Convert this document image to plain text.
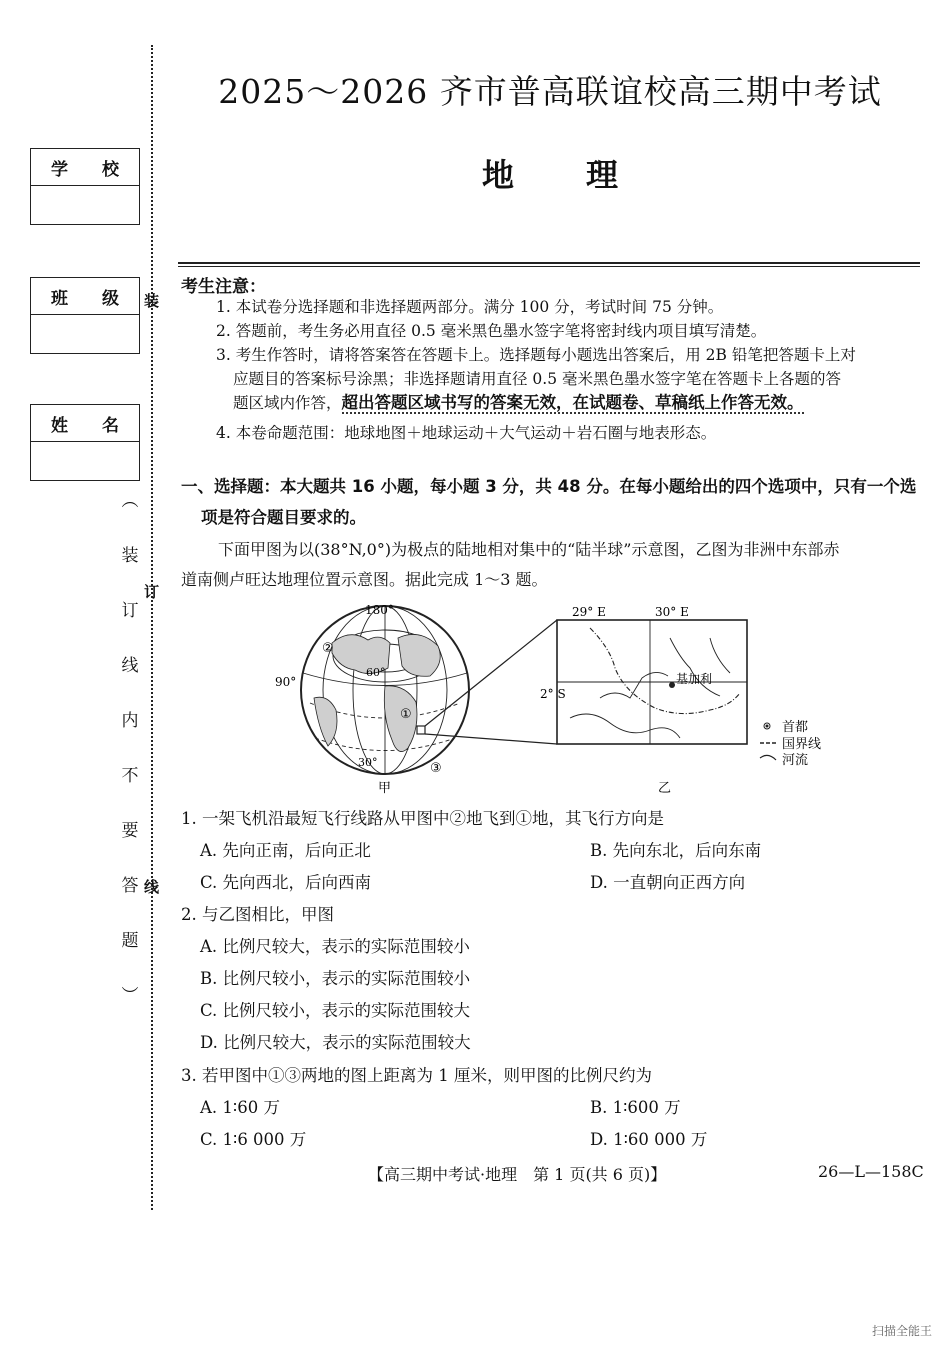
学 校
班 级
姓 名
︵
装
订
线
内
不
要
答
题
︶
装
订
线
2025～2026 齐市普高联谊校高三期中考试
地 理
考生注意：
1. 本试卷分选择题和非选择题两部分。满分 100 分，考试时间 75 分钟。
2. 答题前，考生务必用直径 0.5 毫米黑色墨水签字笔将密封线内项目填写清楚。
3. 考生作答时，请将答案答在答题卡上。选择题每小题选出答案后，用 2B 铅笔把答题卡上对
应题目的答案标号涂黑；非选择题请用直径 0.5 毫米黑色墨水签字笔在答题卡上各题的答
题区域内作答，超出答题区域书写的答案无效，在试题卷、草稿纸上作答无效。
4. 本卷命题范围：地球地图＋地球运动＋大气运动＋岩石圈与地表形态。
一、选择题：本大题共 16 小题，每小题 3 分，共 48 分。在每小题给出的四个选项中，只有一个选
项是符合题目要求的。
下面甲图为以(38°N,0°)为极点的陆地相对集中的“陆半球”示意图，乙图为非洲中东部赤
道南侧卢旺达地理位置示意图。据此完成 1～3 题。
180°
90°
60°
30°
①
②
③
29° E	30° E
2° S
基加利
首都
国界线
河流
甲	乙
1. 一架飞机沿最短飞行线路从甲图中②地飞到①地，其飞行方向是
A. 先向正南，后向正北	B. 先向东北，后向东南
C. 先向西北，后向西南	D. 一直朝向正西方向
2. 与乙图相比，甲图
A. 比例尺较大，表示的实际范围较小
B. 比例尺较小，表示的实际范围较小
C. 比例尺较小，表示的实际范围较大
D. 比例尺较大，表示的实际范围较大
3. 若甲图中①③两地的图上距离为 1 厘米，则甲图的比例尺约为
A. 1∶60 万	B. 1∶600 万
C. 1∶6 000 万	D. 1∶60 000 万
【高三期中考试·地理　第 1 页(共 6 页)】	26—L—158C
扫描全能王
